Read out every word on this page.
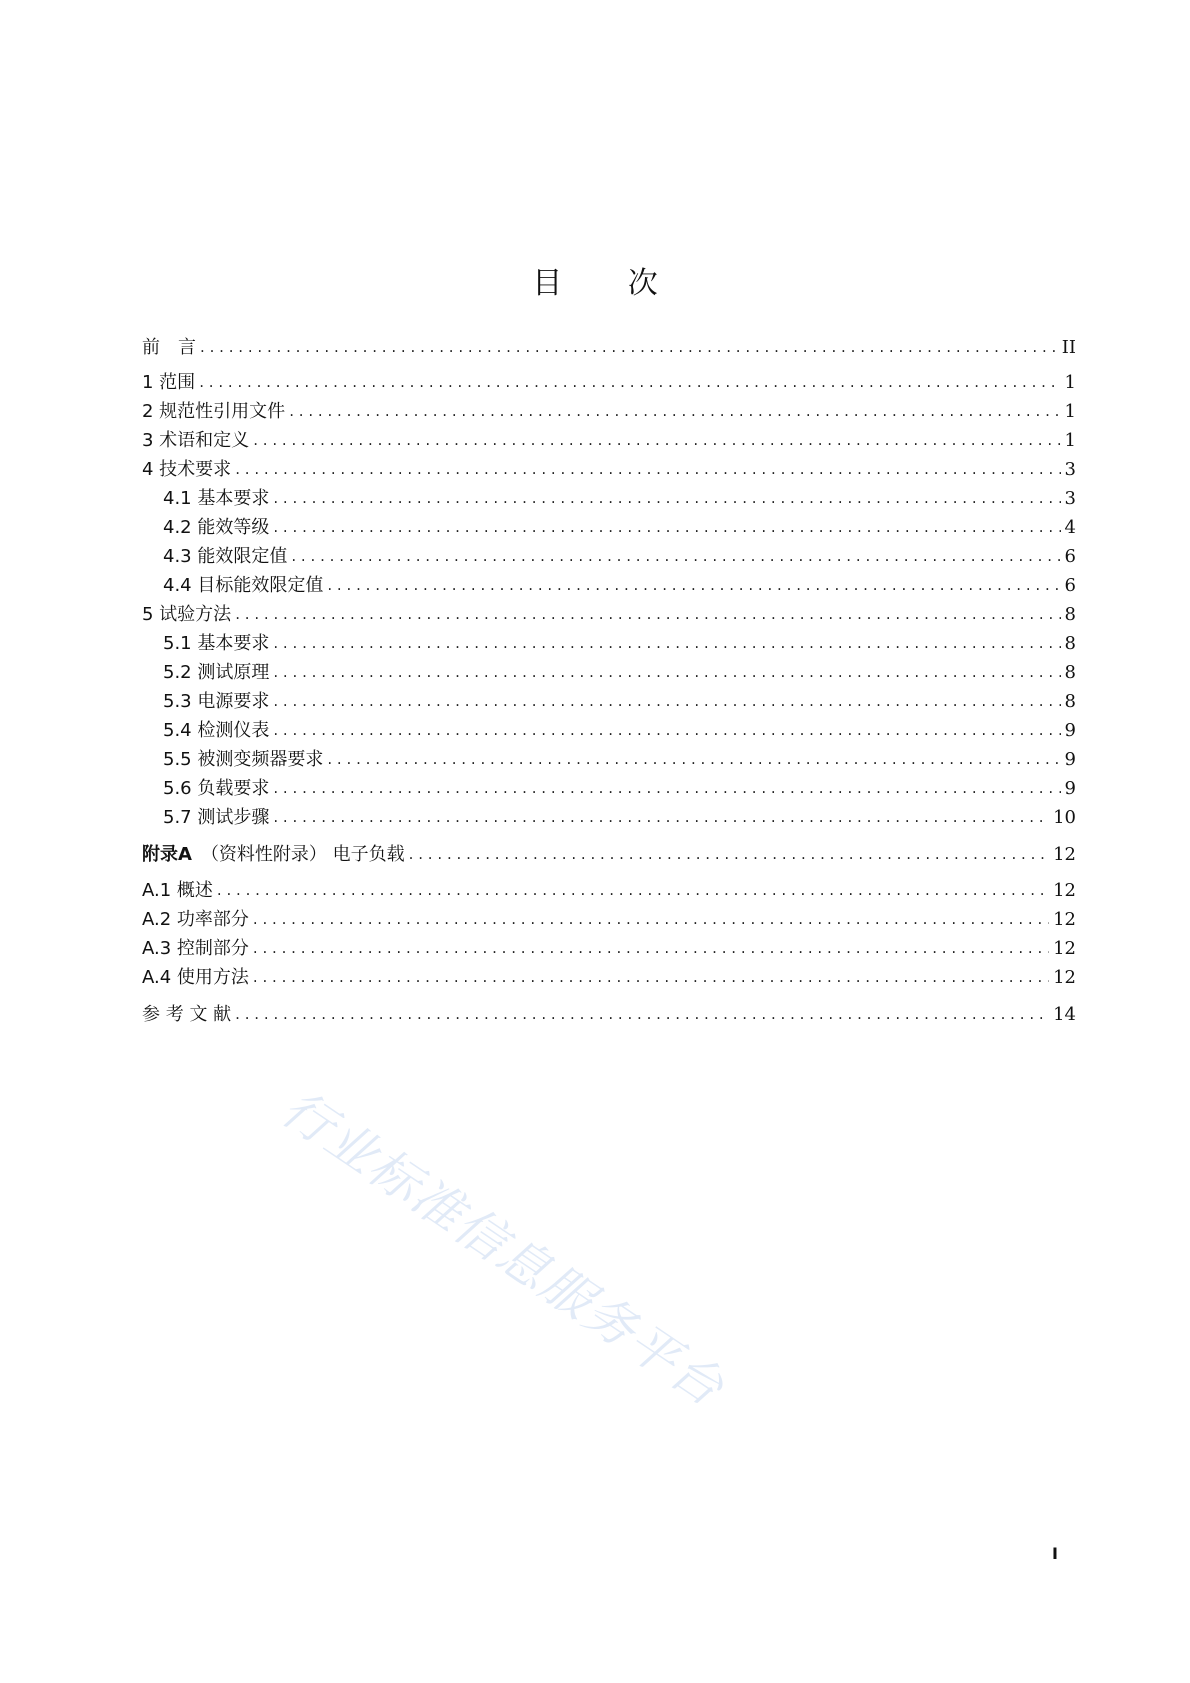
目 次
前　言 .....	II
1 范围 .....	1
2 规范性引用文件 .....	1
3 术语和定义 .....	1
4 技术要求 .....	3
4.1 基本要求 .....	3
4.2 能效等级 .....	4
4.3 能效限定值 .....	6
4.4 目标能效限定值 .....	6
5 试验方法 .....	8
5.1 基本要求 .....	8
5.2 测试原理 .....	8
5.3 电源要求 .....	8
5.4 检测仪表 .....	9
5.5 被测变频器要求 .....	9
5.6 负载要求 .....	9
5.7 测试步骤 .....	10
附录A　 （资料性附录） 电子负载 .....	12
A.1 概述 .....	12
A.2 功率部分 .....	12
A.3 控制部分 .....	12
A.4 使用方法 .....	12
参 考 文 献 .....	14
行业标准信息服务平台
I
